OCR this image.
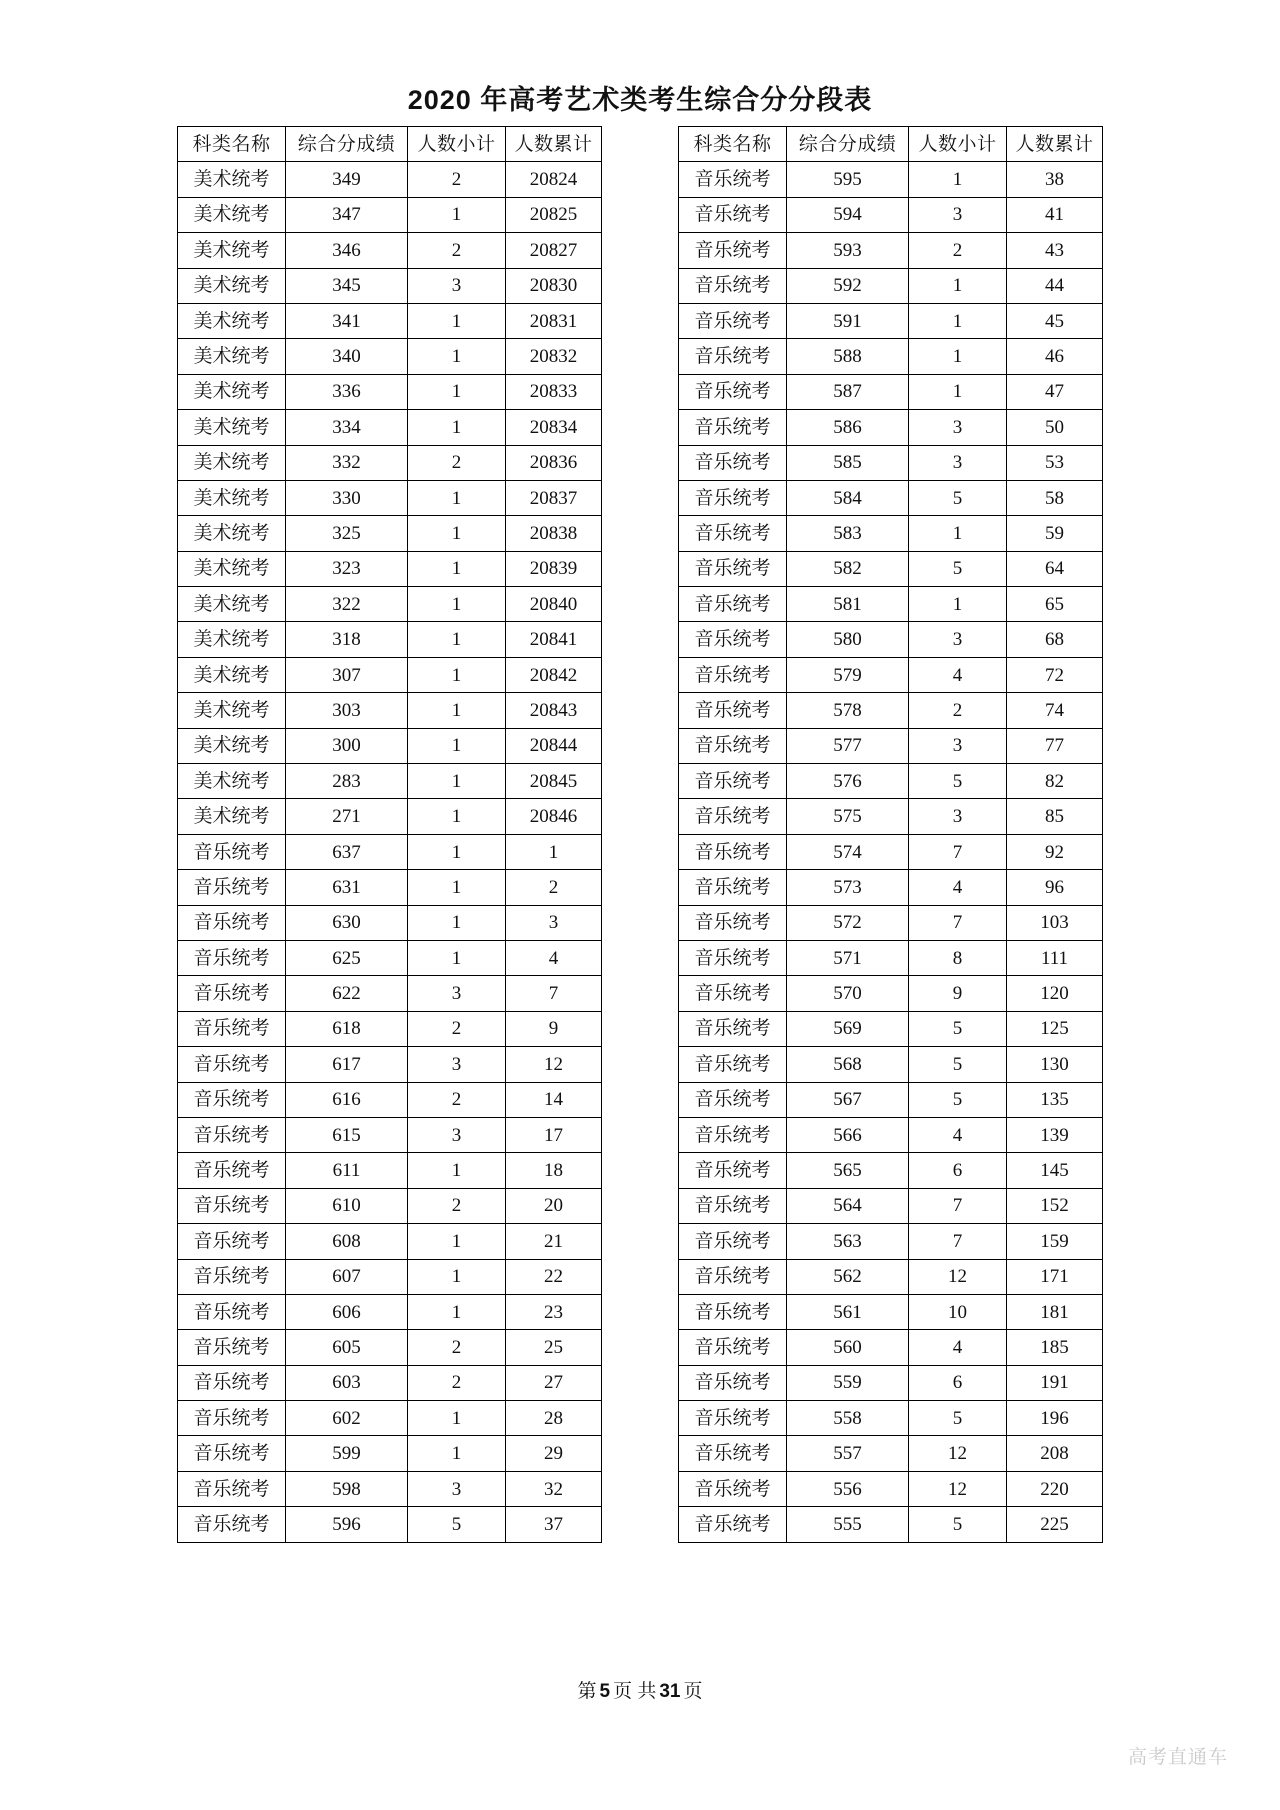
2020 年高考艺术类考生综合分分段表
科类名称	综合分成绩	人数小计	人数累计
美术统考	349	2	20824
美术统考	347	1	20825
美术统考	346	2	20827
美术统考	345	3	20830
美术统考	341	1	20831
美术统考	340	1	20832
美术统考	336	1	20833
美术统考	334	1	20834
美术统考	332	2	20836
美术统考	330	1	20837
美术统考	325	1	20838
美术统考	323	1	20839
美术统考	322	1	20840
美术统考	318	1	20841
美术统考	307	1	20842
美术统考	303	1	20843
美术统考	300	1	20844
美术统考	283	1	20845
美术统考	271	1	20846
音乐统考	637	1	1
音乐统考	631	1	2
音乐统考	630	1	3
音乐统考	625	1	4
音乐统考	622	3	7
音乐统考	618	2	9
音乐统考	617	3	12
音乐统考	616	2	14
音乐统考	615	3	17
音乐统考	611	1	18
音乐统考	610	2	20
音乐统考	608	1	21
音乐统考	607	1	22
音乐统考	606	1	23
音乐统考	605	2	25
音乐统考	603	2	27
音乐统考	602	1	28
音乐统考	599	1	29
音乐统考	598	3	32
音乐统考	596	5	37
科类名称	综合分成绩	人数小计	人数累计
音乐统考	595	1	38
音乐统考	594	3	41
音乐统考	593	2	43
音乐统考	592	1	44
音乐统考	591	1	45
音乐统考	588	1	46
音乐统考	587	1	47
音乐统考	586	3	50
音乐统考	585	3	53
音乐统考	584	5	58
音乐统考	583	1	59
音乐统考	582	5	64
音乐统考	581	1	65
音乐统考	580	3	68
音乐统考	579	4	72
音乐统考	578	2	74
音乐统考	577	3	77
音乐统考	576	5	82
音乐统考	575	3	85
音乐统考	574	7	92
音乐统考	573	4	96
音乐统考	572	7	103
音乐统考	571	8	111
音乐统考	570	9	120
音乐统考	569	5	125
音乐统考	568	5	130
音乐统考	567	5	135
音乐统考	566	4	139
音乐统考	565	6	145
音乐统考	564	7	152
音乐统考	563	7	159
音乐统考	562	12	171
音乐统考	561	10	181
音乐统考	560	4	185
音乐统考	559	6	191
音乐统考	558	5	196
音乐统考	557	12	208
音乐统考	556	12	220
音乐统考	555	5	225
第 5 页 共 31 页
高考直通车
